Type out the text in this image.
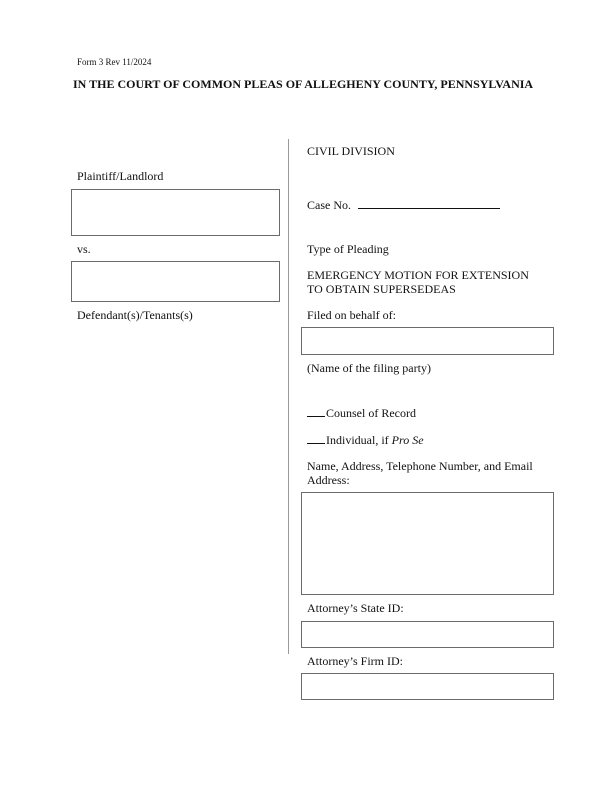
Form 3 Rev 11/2024
IN THE COURT OF COMMON PLEAS OF ALLEGHENY COUNTY, PENNSYLVANIA
Plaintiff/Landlord
vs.
Defendant(s)/Tenants(s)
CIVIL DIVISION
Case No.
Type of Pleading
EMERGENCY MOTION FOR EXTENSION
TO OBTAIN SUPERSEDEAS
Filed on behalf of:
(Name of the filing party)
Counsel of Record
Individual, if Pro Se
Name, Address, Telephone Number, and Email
Address:
Attorney’s State ID:
Attorney’s Firm ID:
